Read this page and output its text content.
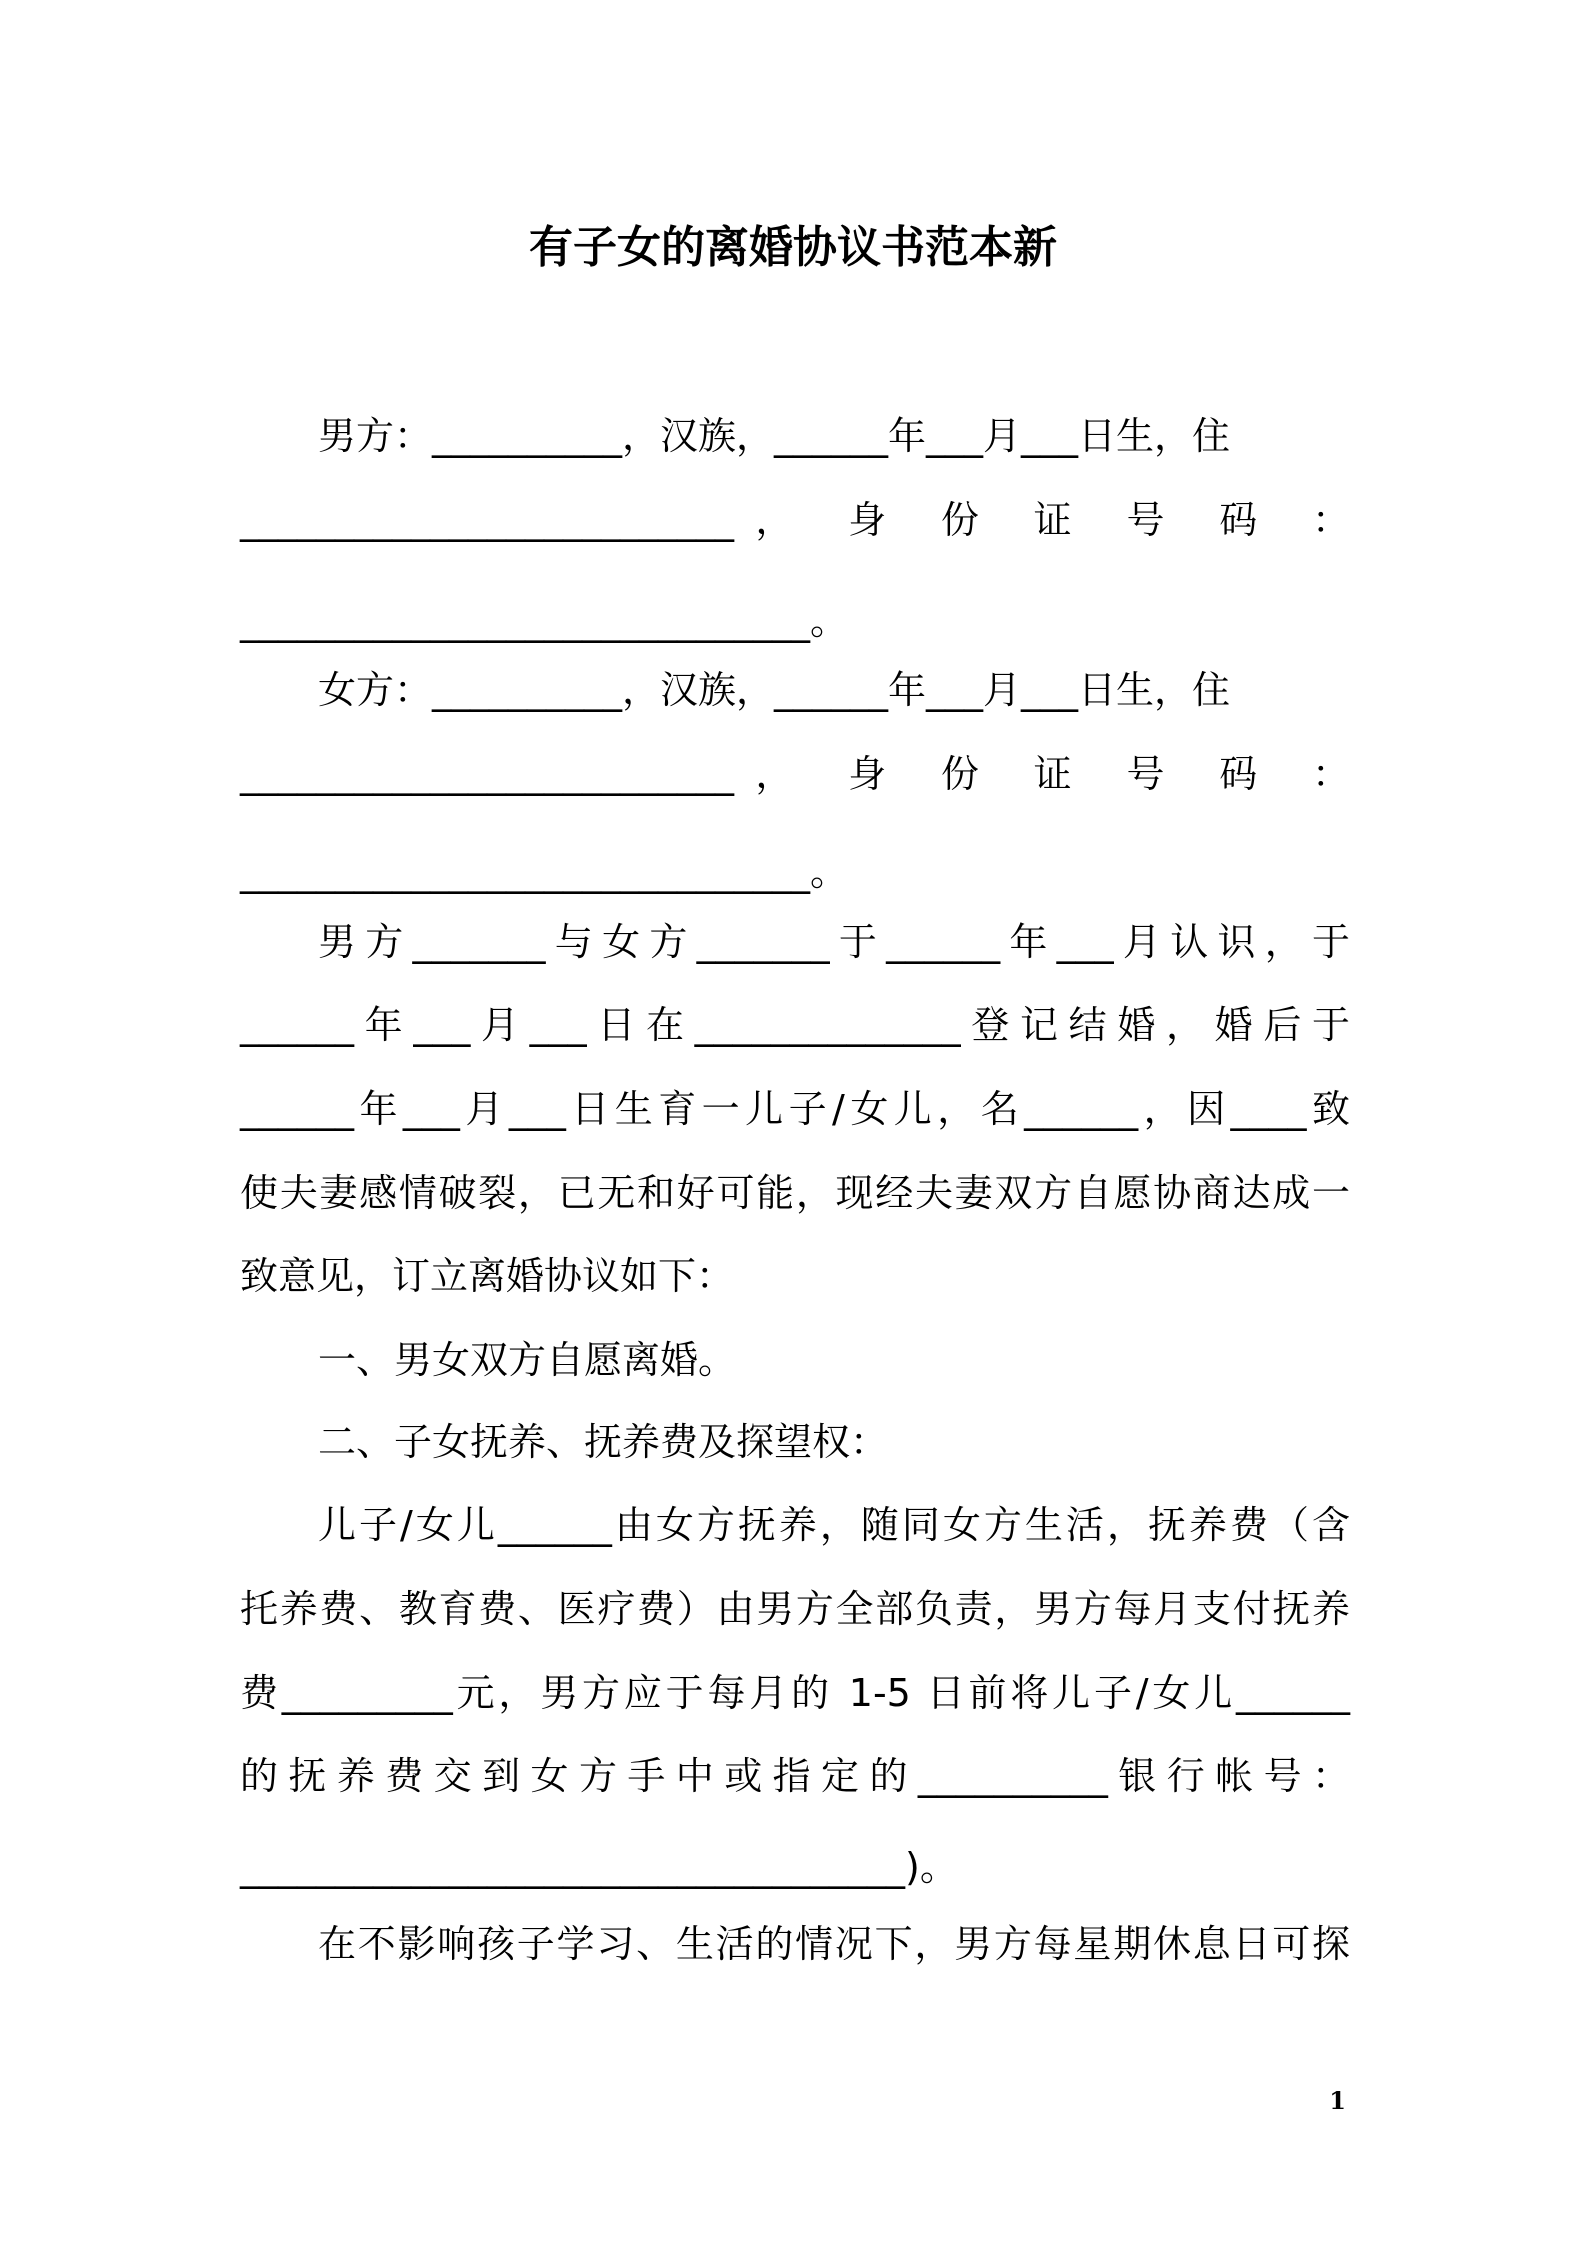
有子女的离婚协议书范本新
男方：__________，汉族，______年___月___日生，住
__________________________， 身 份 证 号 码 ：
______________________________。
女方：__________，汉族，______年___月___日生，住
__________________________， 身 份 证 号 码 ：
______________________________。
男方_______与女方_______于______年___月认识，于
______年___月___日在______________登记结婚，婚后于
______年___月___日生育一儿子/女儿，名______，因____致
使夫妻感情破裂，已无和好可能，现经夫妻双方自愿协商达成一
致意见，订立离婚协议如下：
一、男女双方自愿离婚。
二、子女抚养、抚养费及探望权：
儿子/女儿______由女方抚养，随同女方生活，抚养费（含
托养费、教育费、医疗费）由男方全部负责，男方每月支付抚养
费_________元，男方应于每月的 1-5 日前将儿子/女儿______
的抚养费交到女方手中或指定的__________银行帐号：
___________________________________)。
在不影响孩子学习、生活的情况下，男方每星期休息日可探
1
